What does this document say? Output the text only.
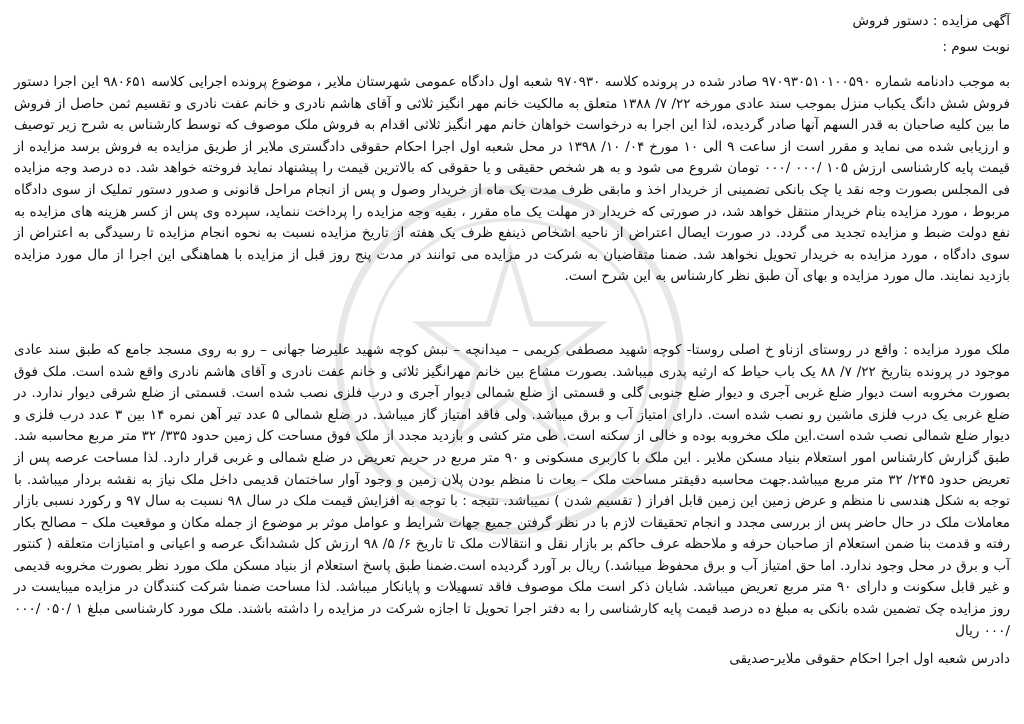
آگهی مزایده : دستور فروش

نوبت سوم :

به موجب دادنامه شماره ۹۷۰۹۳۰۵۱۰۱۰۰۵۹۰ صادر شده در پرونده کلاسه ۹۷۰۹۳۰ شعبه اول دادگاه عمومی شهرستان ملایر ، موضوع پرونده اجرایی کلاسه ۹۸۰۶۵۱ این اجرا دستور فروش شش دانگ یکباب منزل بموجب سند عادی مورخه ۲۲/ ۷/ ۱۳۸۸ متعلق به مالکیت خانم مهر انگیز ثلاثی و آقای هاشم نادری و خانم عفت نادری و تقسیم ثمن حاصل از فروش ما بین کلیه صاحبان به قدر السهم آنها صادر گردیده، لذا این اجرا به درخواست خواهان خانم مهر انگیز ثلاثی اقدام به فروش ملک موصوف که توسط کارشناس به شرح زیر توصیف و ارزیابی شده می نماید و مقرر است از ساعت ۹ الی ۱۰ مورخ ۰۴/ ۱۰/ ۱۳۹۸ در محل شعبه اول اجرا احکام حقوقی دادگستری ملایر از طریق مزایده به فروش برسد مزایده از قیمت پایه کارشناسی ارزش ۱۰۵ /۰۰۰ /۰۰۰ تومان شروع می شود و به هر شخص حقیقی و یا حقوقی که بالاترین قیمت را پیشنهاد نماید فروخته خواهد شد. ده درصد وجه مزایده فی المجلس بصورت وجه نقد یا چک بانکی تضمینی از خریدار اخذ و مابقی ظرف مدت یک ماه از خریدار وصول و پس از انجام مراحل قانونی و صدور دستور تملیک از سوی دادگاه مربوط ، مورد مزایده بنام خریدار منتقل خواهد شد، در صورتی که خریدار در مهلت یک ماه مقرر ، بقیه وجه مزایده را پرداخت ننماید، سپرده وی پس از کسر هزینه های مزایده به نفع دولت ضبط و مزایده تجدید می گردد. در صورت ایصال اعتراض از ناحیه اشخاص ذینفع ظرف یک هفته از تاریخ مزایده نسبت به نحوه انجام مزایده تا رسیدگی به اعتراض از سوی دادگاه ، مورد مزایده به خریدار تحویل نخواهد شد. ضمنا متقاضیان به شرکت در مزایده می توانند در مدت پنج روز قبل از مزایده با هماهنگی این اجرا از مال مورد مزایده بازدید نمایند. مال مورد مزایده و بهای آن طبق نظر کارشناس به این شرح است.

ملک مورد مزایده : واقع در روستای ازناو خ اصلی روستا- کوچه شهید مصطفی کریمی – میدانچه – نبش کوچه شهید علیرضا جهانی – رو به روی مسجد جامع که طبق سند عادی موجود در پرونده بتاریخ ۲۲/ ۷/ ۸۸ یک باب حیاط که ارثیه پدری میباشد. بصورت مشاع بین خانم مهرانگیز ثلاثی و خانم عفت نادری و آقای هاشم نادری واقع شده است. ملک فوق بصورت مخروبه است دیوار ضلع غربی آجری و دیوار ضلع جنوبی گلی و قسمتی از ضلع شمالی دیوار آجری و درب فلزی نصب شده است. قسمتی از ضلع شرقی دیوار ندارد. در ضلع غربی یک درب فلزی ماشین رو نصب شده است. دارای امتیاز آب و برق میباشد. ولی فاقد امتیاز گاز میباشد. در ضلع شمالی ۵ عدد تیر آهن نمره ۱۴ بین ۳ عدد درب فلزی و دیوار ضلع شمالی نصب شده است.این ملک مخروبه بوده و خالی از سکنه است. طی متر کشی و بازدید مجدد از ملک فوق مساحت کل زمین حدود ۳۳۵/ ۳۲ متر مربع محاسبه شد. طبق گزارش کارشناس امور استعلام بنیاد مسکن ملایر . این ملک با کاربری مسکونی و ۹۰ متر مربع در حریم تعریض در ضلع شمالی و غربی قرار دارد. لذا مساحت عرصه پس از تعریض حدود ۲۴۵/ ۳۲ متر مربع میباشد.جهت محاسبه دقیقتر مساحت ملک – بعات نا منظم بودن پلان زمین و وجود آوار ساختمان قدیمی داخل ملک نیاز به نقشه بردار میباشد. با توجه به شکل هندسی نا منظم و عرض زمین این زمین قابل افراز ( تقسیم شدن ) نمیباشد. نتیجه : با توجه به افزایش قیمت ملک در سال ۹۸ نسبت به سال ۹۷ و رکورد نسبی بازار معاملات ملک در حال حاضر پس از بررسی مجدد و انجام تحقیقات لازم با در نظر گرفتن جمیع جهات شرایط و عوامل موثر بر موضوع از جمله مکان و موقعیت ملک – مصالح بکار رفته و قدمت بنا ضمن استعلام از صاحبان حرفه و ملاحظه عرف حاکم بر بازار نقل و انتقالات ملک تا تاریخ ۶/ ۵/ ۹۸ ارزش کل ششدانگ عرصه و اعیانی و امتیازات متعلقه ( کنتور آب و برق در محل وجود ندارد. اما حق امتیاز آب و برق محفوظ میباشد.) ریال بر آورد گردیده است.ضمنا طبق پاسخ استعلام از بنیاد مسکن ملک مورد نظر بصورت مخروبه قدیمی و غیر قابل سکونت و دارای ۹۰ متر مربع تعریض میباشد. شایان ذکر است ملک موصوف فاقد تسهیلات و پایانکار میباشد. لذا مساحت ضمنا شرکت کنندگان در مزایده میبایست در روز مزایده چک تضمین شده بانکی به مبلغ ده درصد قیمت پایه کارشناسی را به دفتر اجرا تحویل تا اجازه شرکت در مزایده را داشته باشند. ملک مورد کارشناسی مبلغ ۱ /۰۵۰ /۰۰۰ /۰۰۰ ریال

دادرس شعبه اول اجرا احکام حقوقی ملایر-صدیقی
